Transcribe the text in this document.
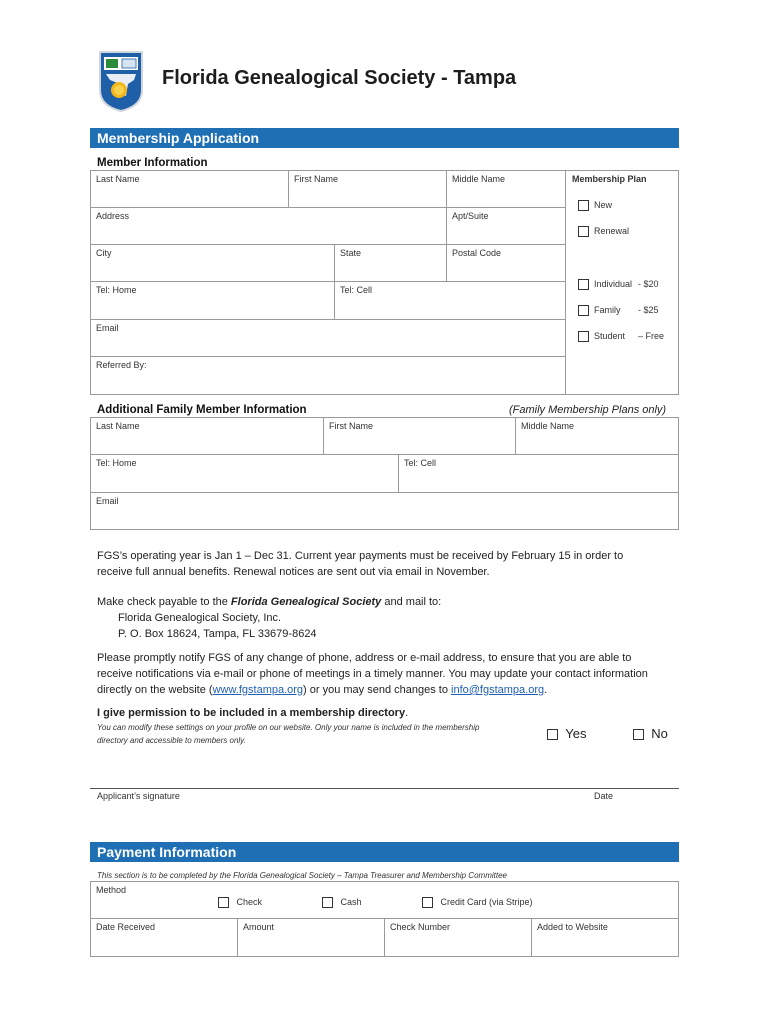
Florida Genealogical Society - Tampa
Membership Application
Member Information
Last Name	First Name	Middle Name
Address	Apt/Suite
City	State	Postal Code
Tel: Home	Tel: Cell
Email
Referred By:
Membership Plan
New
Renewal
Individual - $20
Family - $25
Student – Free
Additional Family Member Information	(Family Membership Plans only)
Last Name	First Name	Middle Name
Tel: Home	Tel: Cell
Email
FGS’s operating year is Jan 1 – Dec 31. Current year payments must be received by February 15 in order to receive full annual benefits. Renewal notices are sent out via email in November.
Make check payable to the Florida Genealogical Society and mail to:
Florida Genealogical Society, Inc.
P. O. Box 18624, Tampa, FL 33679-8624
Please promptly notify FGS of any change of phone, address or e-mail address, to ensure that you are able to receive notifications via e-mail or phone of meetings in a timely manner. You may update your contact information directly on the website (www.fgstampa.org) or you may send changes to info@fgstampa.org.
I give permission to be included in a membership directory.
You can modify these settings on your profile on our website. Only your name is included in the membership directory and accessible to members only.	Yes	No
Applicant’s signature	Date
Payment Information
This section is to be completed by the Florida Genealogical Society – Tampa Treasurer and Membership Committee
Method
Check	Cash	Credit Card (via Stripe)
Date Received	Amount	Check Number	Added to Website
